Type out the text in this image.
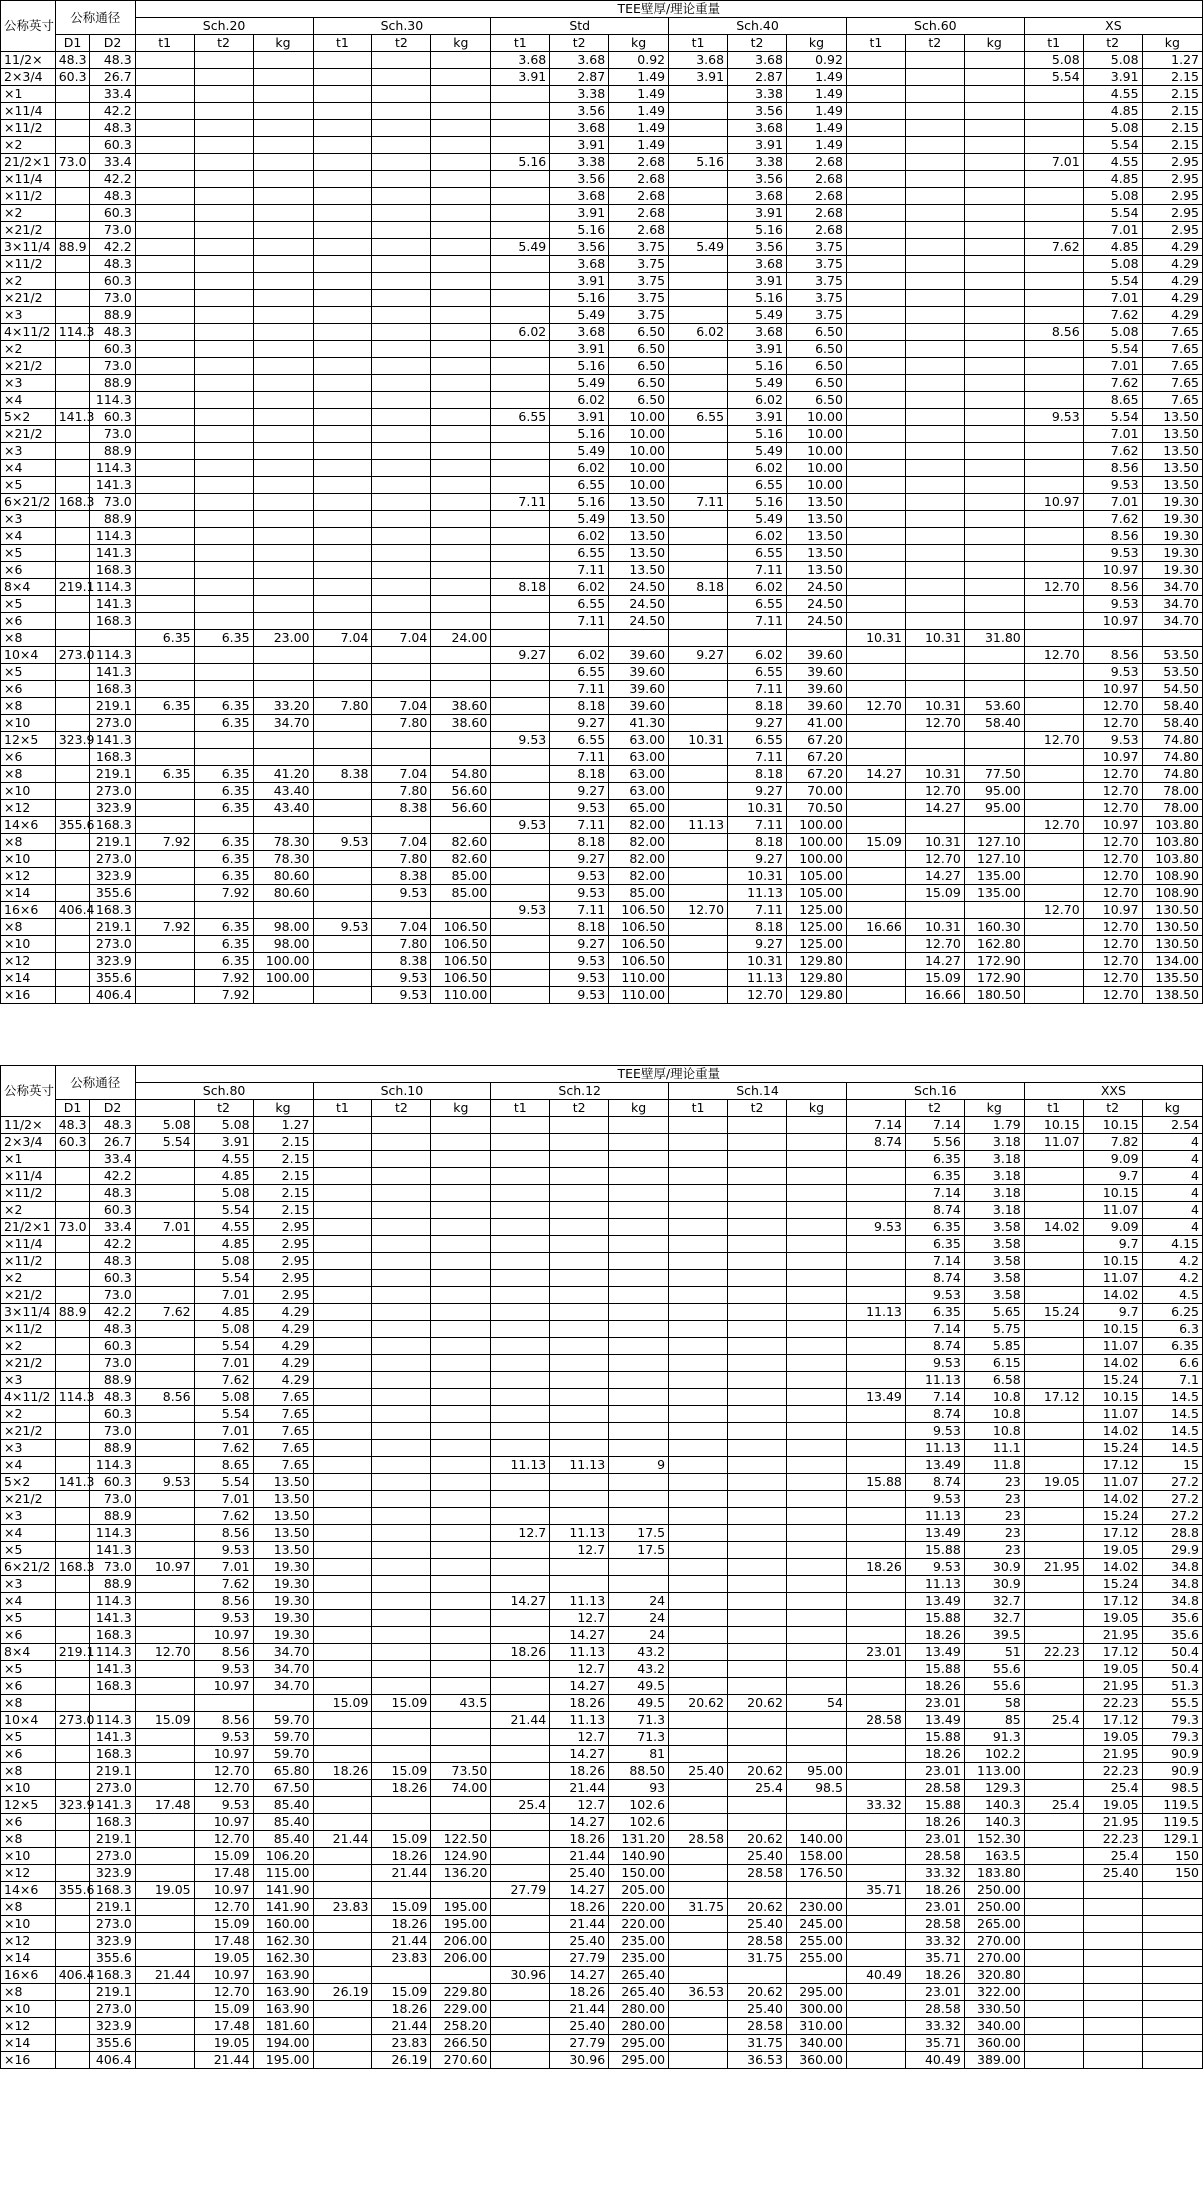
公称英寸	公称通径		TEE壁厚/理论重量																	
			Sch.20			Sch.30			Std			Sch.40			Sch.60			XS		
	D1	D2	t1	t2	kg	t1	t2	kg	t1	t2	kg	t1	t2	kg	t1	t2	kg	t1	t2	kg
11/2×	48.3	48.3							3.68	3.68	0.92	3.68	3.68	0.92				5.08	5.08	1.27
2×3/4	60.3	26.7							3.91	2.87	1.49	3.91	2.87	1.49				5.54	3.91	2.15
×1		33.4								3.38	1.49		3.38	1.49					4.55	2.15
×11/4		42.2								3.56	1.49		3.56	1.49					4.85	2.15
×11/2		48.3								3.68	1.49		3.68	1.49					5.08	2.15
×2		60.3								3.91	1.49		3.91	1.49					5.54	2.15
21/2×1	73.0	33.4							5.16	3.38	2.68	5.16	3.38	2.68				7.01	4.55	2.95
×11/4		42.2								3.56	2.68		3.56	2.68					4.85	2.95
×11/2		48.3								3.68	2.68		3.68	2.68					5.08	2.95
×2		60.3								3.91	2.68		3.91	2.68					5.54	2.95
×21/2		73.0								5.16	2.68		5.16	2.68					7.01	2.95
3×11/4	88.9	42.2							5.49	3.56	3.75	5.49	3.56	3.75				7.62	4.85	4.29
×11/2		48.3								3.68	3.75		3.68	3.75					5.08	4.29
×2		60.3								3.91	3.75		3.91	3.75					5.54	4.29
×21/2		73.0								5.16	3.75		5.16	3.75					7.01	4.29
×3		88.9								5.49	3.75		5.49	3.75					7.62	4.29
4×11/2	114.3	48.3							6.02	3.68	6.50	6.02	3.68	6.50				8.56	5.08	7.65
×2		60.3								3.91	6.50		3.91	6.50					5.54	7.65
×21/2		73.0								5.16	6.50		5.16	6.50					7.01	7.65
×3		88.9								5.49	6.50		5.49	6.50					7.62	7.65
×4		114.3								6.02	6.50		6.02	6.50					8.65	7.65
5×2	141.3	60.3							6.55	3.91	10.00	6.55	3.91	10.00				9.53	5.54	13.50
×21/2		73.0								5.16	10.00		5.16	10.00					7.01	13.50
×3		88.9								5.49	10.00		5.49	10.00					7.62	13.50
×4		114.3								6.02	10.00		6.02	10.00					8.56	13.50
×5		141.3								6.55	10.00		6.55	10.00					9.53	13.50
6×21/2	168.3	73.0							7.11	5.16	13.50	7.11	5.16	13.50				10.97	7.01	19.30
×3		88.9								5.49	13.50		5.49	13.50					7.62	19.30
×4		114.3								6.02	13.50		6.02	13.50					8.56	19.30
×5		141.3								6.55	13.50		6.55	13.50					9.53	19.30
×6		168.3								7.11	13.50		7.11	13.50					10.97	19.30
8×4	219.1	114.3							8.18	6.02	24.50	8.18	6.02	24.50				12.70	8.56	34.70
×5		141.3								6.55	24.50		6.55	24.50					9.53	34.70
×6		168.3								7.11	24.50		7.11	24.50					10.97	34.70
×8			6.35	6.35	23.00	7.04	7.04	24.00							10.31	10.31	31.80			
10×4	273.0	114.3							9.27	6.02	39.60	9.27	6.02	39.60				12.70	8.56	53.50
×5		141.3								6.55	39.60		6.55	39.60					9.53	53.50
×6		168.3								7.11	39.60		7.11	39.60					10.97	54.50
×8		219.1	6.35	6.35	33.20	7.80	7.04	38.60		8.18	39.60		8.18	39.60	12.70	10.31	53.60		12.70	58.40
×10		273.0		6.35	34.70		7.80	38.60		9.27	41.30		9.27	41.00		12.70	58.40		12.70	58.40
12×5	323.9	141.3							9.53	6.55	63.00	10.31	6.55	67.20				12.70	9.53	74.80
×6		168.3								7.11	63.00		7.11	67.20					10.97	74.80
×8		219.1	6.35	6.35	41.20	8.38	7.04	54.80		8.18	63.00		8.18	67.20	14.27	10.31	77.50		12.70	74.80
×10		273.0		6.35	43.40		7.80	56.60		9.27	63.00		9.27	70.00		12.70	95.00		12.70	78.00
×12		323.9		6.35	43.40		8.38	56.60		9.53	65.00		10.31	70.50		14.27	95.00		12.70	78.00
14×6	355.6	168.3							9.53	7.11	82.00	11.13	7.11	100.00				12.70	10.97	103.80
×8		219.1	7.92	6.35	78.30	9.53	7.04	82.60		8.18	82.00		8.18	100.00	15.09	10.31	127.10		12.70	103.80
×10		273.0		6.35	78.30		7.80	82.60		9.27	82.00		9.27	100.00		12.70	127.10		12.70	103.80
×12		323.9		6.35	80.60		8.38	85.00		9.53	82.00		10.31	105.00		14.27	135.00		12.70	108.90
×14		355.6		7.92	80.60		9.53	85.00		9.53	85.00		11.13	105.00		15.09	135.00		12.70	108.90
16×6	406.4	168.3							9.53	7.11	106.50	12.70	7.11	125.00				12.70	10.97	130.50
×8		219.1	7.92	6.35	98.00	9.53	7.04	106.50		8.18	106.50		8.18	125.00	16.66	10.31	160.30		12.70	130.50
×10		273.0		6.35	98.00		7.80	106.50		9.27	106.50		9.27	125.00		12.70	162.80		12.70	130.50
×12		323.9		6.35	100.00		8.38	106.50		9.53	106.50		10.31	129.80		14.27	172.90		12.70	134.00
×14		355.6		7.92	100.00		9.53	106.50		9.53	110.00		11.13	129.80		15.09	172.90		12.70	135.50
×16		406.4		7.92			9.53	110.00		9.53	110.00		12.70	129.80		16.66	180.50		12.70	138.50
公称英寸	公称通径		TEE壁厚/理论重量																	
			Sch.80			Sch.10			Sch.12			Sch.14			Sch.16			XXS		
	D1	D2		t2	kg	t1	t2	kg	t1	t2	kg	t1	t2	kg		t2	kg	t1	t2	kg
11/2×	48.3	48.3	5.08	5.08	1.27										7.14	7.14	1.79	10.15	10.15	2.54
2×3/4	60.3	26.7	5.54	3.91	2.15										8.74	5.56	3.18	11.07	7.82	4
×1		33.4		4.55	2.15											6.35	3.18		9.09	4
×11/4		42.2		4.85	2.15											6.35	3.18		9.7	4
×11/2		48.3		5.08	2.15											7.14	3.18		10.15	4
×2		60.3		5.54	2.15											8.74	3.18		11.07	4
21/2×1	73.0	33.4	7.01	4.55	2.95										9.53	6.35	3.58	14.02	9.09	4
×11/4		42.2		4.85	2.95											6.35	3.58		9.7	4.15
×11/2		48.3		5.08	2.95											7.14	3.58		10.15	4.2
×2		60.3		5.54	2.95											8.74	3.58		11.07	4.2
×21/2		73.0		7.01	2.95											9.53	3.58		14.02	4.5
3×11/4	88.9	42.2	7.62	4.85	4.29										11.13	6.35	5.65	15.24	9.7	6.25
×11/2		48.3		5.08	4.29											7.14	5.75		10.15	6.3
×2		60.3		5.54	4.29											8.74	5.85		11.07	6.35
×21/2		73.0		7.01	4.29											9.53	6.15		14.02	6.6
×3		88.9		7.62	4.29											11.13	6.58		15.24	7.1
4×11/2	114.3	48.3	8.56	5.08	7.65										13.49	7.14	10.8	17.12	10.15	14.5
×2		60.3		5.54	7.65											8.74	10.8		11.07	14.5
×21/2		73.0		7.01	7.65											9.53	10.8		14.02	14.5
×3		88.9		7.62	7.65											11.13	11.1		15.24	14.5
×4		114.3		8.65	7.65				11.13	11.13	9					13.49	11.8		17.12	15
5×2	141.3	60.3	9.53	5.54	13.50										15.88	8.74	23	19.05	11.07	27.2
×21/2		73.0		7.01	13.50											9.53	23		14.02	27.2
×3		88.9		7.62	13.50											11.13	23		15.24	27.2
×4		114.3		8.56	13.50				12.7	11.13	17.5					13.49	23		17.12	28.8
×5		141.3		9.53	13.50					12.7	17.5					15.88	23		19.05	29.9
6×21/2	168.3	73.0	10.97	7.01	19.30										18.26	9.53	30.9	21.95	14.02	34.8
×3		88.9		7.62	19.30											11.13	30.9		15.24	34.8
×4		114.3		8.56	19.30				14.27	11.13	24					13.49	32.7		17.12	34.8
×5		141.3		9.53	19.30					12.7	24					15.88	32.7		19.05	35.6
×6		168.3		10.97	19.30					14.27	24					18.26	39.5		21.95	35.6
8×4	219.1	114.3	12.70	8.56	34.70				18.26	11.13	43.2				23.01	13.49	51	22.23	17.12	50.4
×5		141.3		9.53	34.70					12.7	43.2					15.88	55.6		19.05	50.4
×6		168.3		10.97	34.70					14.27	49.5					18.26	55.6		21.95	51.3
×8						15.09	15.09	43.5		18.26	49.5	20.62	20.62	54		23.01	58		22.23	55.5
10×4	273.0	114.3	15.09	8.56	59.70				21.44	11.13	71.3				28.58	13.49	85	25.4	17.12	79.3
×5		141.3		9.53	59.70					12.7	71.3					15.88	91.3		19.05	79.3
×6		168.3		10.97	59.70					14.27	81					18.26	102.2		21.95	90.9
×8		219.1		12.70	65.80	18.26	15.09	73.50		18.26	88.50	25.40	20.62	95.00		23.01	113.00		22.23	90.9
×10		273.0		12.70	67.50		18.26	74.00		21.44	93		25.4	98.5		28.58	129.3		25.4	98.5
12×5	323.9	141.3	17.48	9.53	85.40				25.4	12.7	102.6				33.32	15.88	140.3	25.4	19.05	119.5
×6		168.3		10.97	85.40					14.27	102.6					18.26	140.3		21.95	119.5
×8		219.1		12.70	85.40	21.44	15.09	122.50		18.26	131.20	28.58	20.62	140.00		23.01	152.30		22.23	129.1
×10		273.0		15.09	106.20		18.26	124.90		21.44	140.90		25.40	158.00		28.58	163.5		25.4	150
×12		323.9		17.48	115.00		21.44	136.20		25.40	150.00		28.58	176.50		33.32	183.80		25.40	150
14×6	355.6	168.3	19.05	10.97	141.90				27.79	14.27	205.00				35.71	18.26	250.00			
×8		219.1		12.70	141.90	23.83	15.09	195.00		18.26	220.00	31.75	20.62	230.00		23.01	250.00			
×10		273.0		15.09	160.00		18.26	195.00		21.44	220.00		25.40	245.00		28.58	265.00			
×12		323.9		17.48	162.30		21.44	206.00		25.40	235.00		28.58	255.00		33.32	270.00			
×14		355.6		19.05	162.30		23.83	206.00		27.79	235.00		31.75	255.00		35.71	270.00			
16×6	406.4	168.3	21.44	10.97	163.90				30.96	14.27	265.40				40.49	18.26	320.80			
×8		219.1		12.70	163.90	26.19	15.09	229.80		18.26	265.40	36.53	20.62	295.00		23.01	322.00			
×10		273.0		15.09	163.90		18.26	229.00		21.44	280.00		25.40	300.00		28.58	330.50			
×12		323.9		17.48	181.60		21.44	258.20		25.40	280.00		28.58	310.00		33.32	340.00			
×14		355.6		19.05	194.00		23.83	266.50		27.79	295.00		31.75	340.00		35.71	360.00			
×16		406.4		21.44	195.00		26.19	270.60		30.96	295.00		36.53	360.00		40.49	389.00			
